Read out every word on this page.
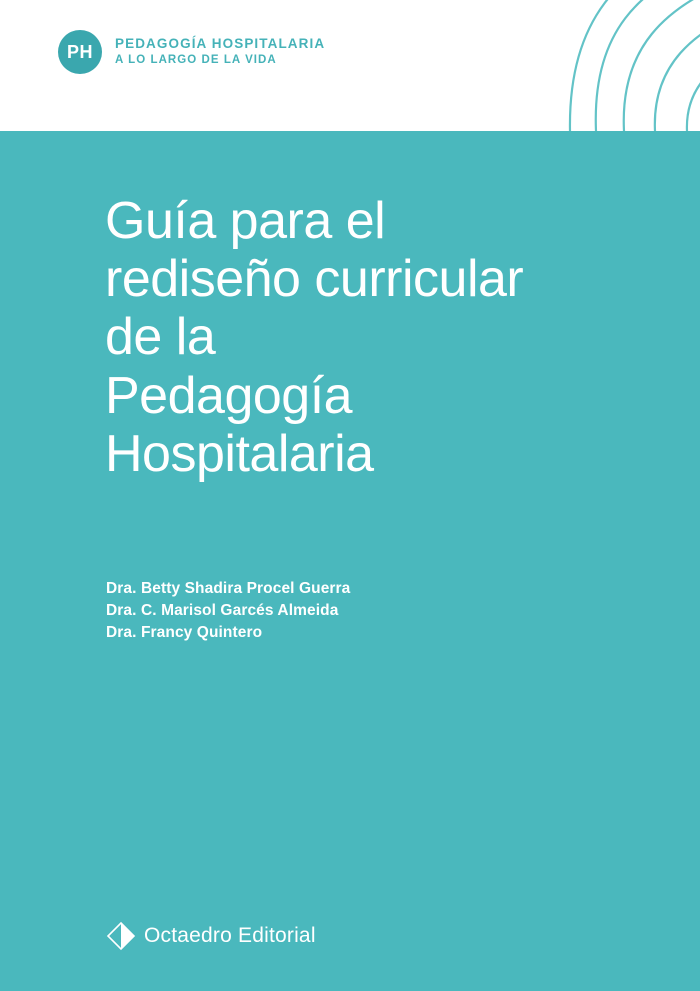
PH	PEDAGOGÍA HOSPITALARIA
A LO LARGO DE LA VIDA
Guía para el
rediseño curricular
de la
Pedagogía
Hospitalaria
Dra. Betty Shadira Procel Guerra
Dra. C. Marisol Garcés Almeida
Dra. Francy Quintero
Octaedro Editorial
